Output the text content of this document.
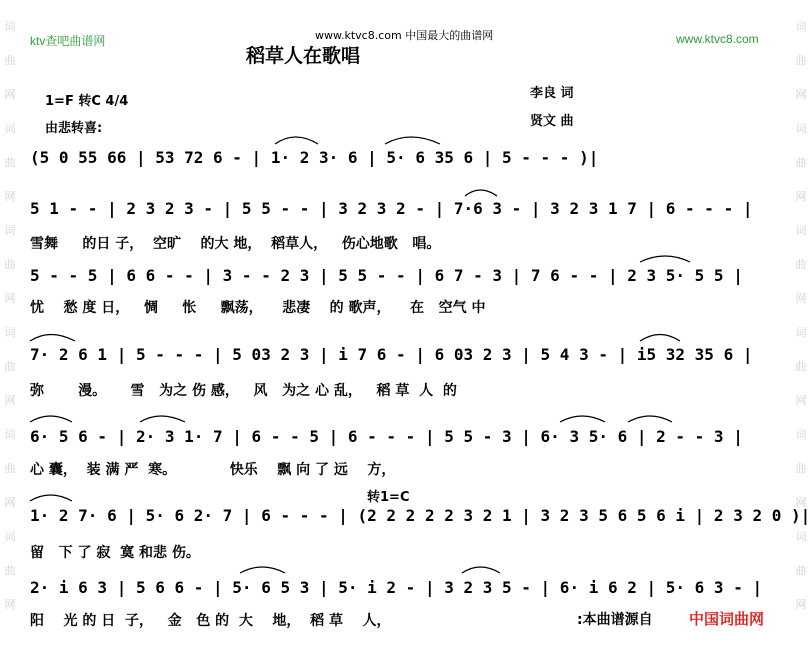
词
曲
网
词
曲
网
词
曲
网
词
曲
网
词
曲
网
词
曲
网
词
曲
网
词
曲
网
词
曲
网
词
曲
网
词
曲
网
词
曲
网
ktv查吧曲谱网	www.ktvc8.com 中国最大的曲谱网	www.ktvc8.com
稻草人在歌唱
1=F 转C 4/4
由悲转喜:
李良 词
贤文 曲
转1=C
(5 0 55 66 | 53 72 6 - | 1· 2 3· 6 | 5· 6 35 6 | 5 - - - )|
5 1 - - | 2 3 2 3 - | 5 5 - - | 3 2 3 2 - | 7·6 3 - | 3 2 3 1 7 | 6 - - - |
雪舞     的日 子，  空旷    的大 地，  稻草人，   伤心地歌   唱。
5 - - 5 | 6 6 - - | 3 - - 2 3 | 5 5 - - | 6 7 - 3 | 7 6 - - | 2 3 5· 5 5 |
忧    愁 度 日，   惆     怅     飘荡，    悲凄    的 歌声，    在   空气 中
7· 2 6 1 | 5 - - - | 5 03 2 3 | i 7 6 - | 6 03 2 3 | 5 4 3 - | i5 32 35 6 |
弥       漫。     雪   为之 伤 感，   风   为之 心 乱，   稻 草  人  的
6· 5 6 - | 2· 3 1· 7 | 6 - - 5 | 6 - - - | 5 5 - 3 | 6· 3 5· 6 | 2 - - 3 |
心 囊，  装 满 严  寒。           快乐    飘 向 了 远    方，
1· 2 7· 6 | 5· 6 2· 7 | 6 - - - | (2 2 2 2 2 3 2 1 | 3 2 3 5 6 5 6 i | 2 3 2 0 )|
留   下 了 寂  寞 和悲 伤。
2· i 6 3 | 5 6 6 - | 5· 6 5 3 | 5· i 2 - | 3 2 3 5 - | 6· i 6 2 | 5· 6 3 - |
阳    光 的 日  子，   金   色 的  大    地，  稻 草    人，	:本曲谱源自 中国词曲网
